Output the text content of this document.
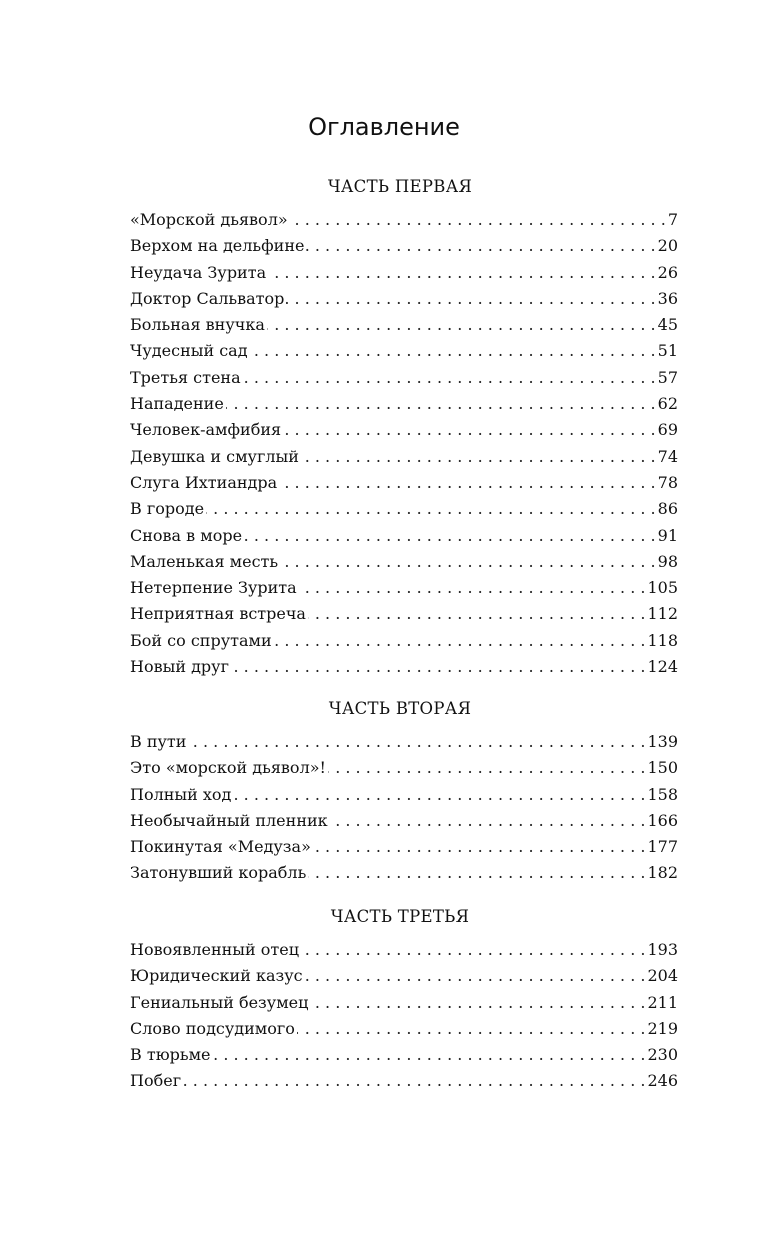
Оглавление
ЧАСТЬ ПЕРВАЯ
«Морской дьявол» . . .	7
Верхом на дельфине . . .	20
Неудача Зурита . . .	26
Доктор Сальватор . . .	36
Больная внучка . . .	45
Чудесный сад . . .	51
Третья стена . . .	57
Нападение . . .	62
Человек-амфибия . . .	69
Девушка и смуглый . . .	74
Слуга Ихтиандра . . .	78
В городе . . .	86
Снова в море . . .	91
Маленькая месть . . .	98
Нетерпение Зурита . . .	105
Неприятная встреча . . .	112
Бой со спрутами . . .	118
Новый друг . . .	124
ЧАСТЬ ВТОРАЯ
В пути . . .	139
Это «морской дьявол»! . . .	150
Полный ход . . .	158
Необычайный пленник . . .	166
Покинутая «Медуза» . . .	177
Затонувший корабль . . .	182
ЧАСТЬ ТРЕТЬЯ
Новоявленный отец . . .	193
Юридический казус . . .	204
Гениальный безумец . . .	211
Слово подсудимого . . .	219
В тюрьме . . .	230
Побег . . .	246
